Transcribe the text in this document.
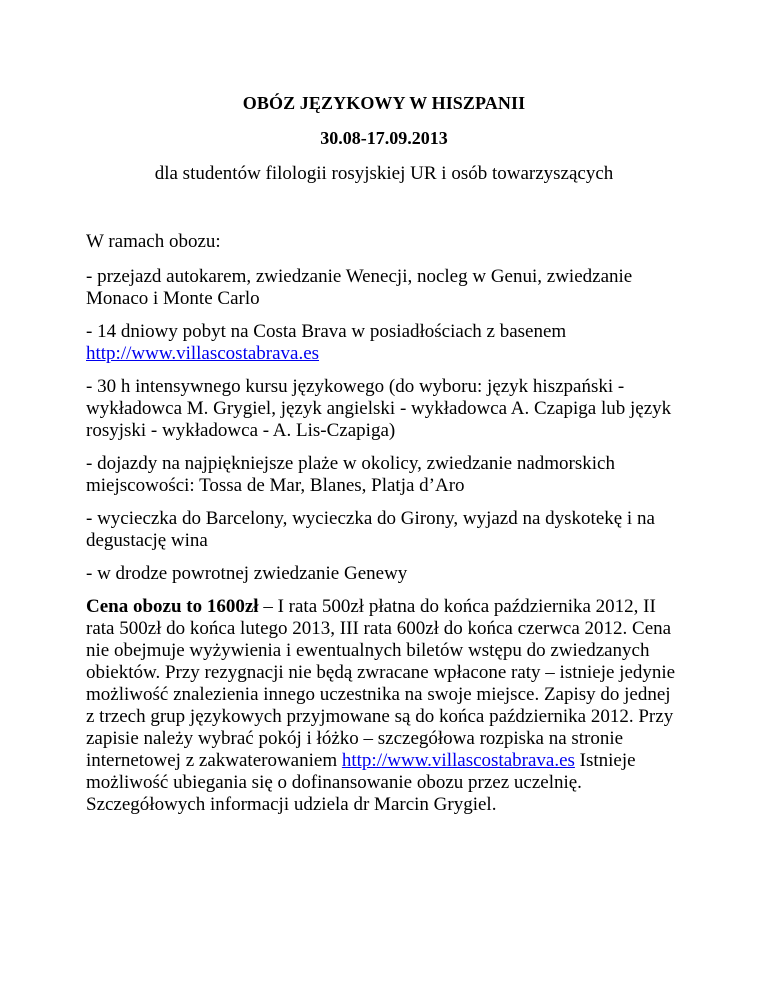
OBÓZ JĘZYKOWY W HISZPANII
30.08-17.09.2013
dla studentów filologii rosyjskiej UR i osób towarzyszących
W ramach obozu:
- przejazd autokarem, zwiedzanie Wenecji, nocleg w Genui, zwiedzanie Monaco i Monte Carlo
- 14 dniowy pobyt na Costa Brava w posiadłościach z basenem
http://www.villascostabrava.es
- 30 h intensywnego kursu językowego (do wyboru: język hiszpański - wykładowca M. Grygiel, język angielski - wykładowca A. Czapiga lub język rosyjski - wykładowca - A. Lis-Czapiga)
- dojazdy na najpiękniejsze plaże w okolicy, zwiedzanie nadmorskich miejscowości: Tossa de Mar, Blanes, Platja d’Aro
- wycieczka do Barcelony, wycieczka do Girony, wyjazd na dyskotekę i na degustację wina
- w drodze powrotnej zwiedzanie Genewy
Cena obozu to 1600zł – I rata 500zł płatna do końca października 2012, II rata 500zł do końca lutego 2013, III rata 600zł do końca czerwca 2012. Cena nie obejmuje wyżywienia i ewentualnych biletów wstępu do zwiedzanych obiektów. Przy rezygnacji nie będą zwracane wpłacone raty – istnieje jedynie możliwość znalezienia innego uczestnika na swoje miejsce. Zapisy do jednej z trzech grup językowych przyjmowane są do końca października 2012. Przy zapisie należy wybrać pokój i łóżko – szczegółowa rozpiska na stronie internetowej z zakwaterowaniem http://www.villascostabrava.es Istnieje możliwość ubiegania się o dofinansowanie obozu przez uczelnię. Szczegółowych informacji udziela dr Marcin Grygiel.
